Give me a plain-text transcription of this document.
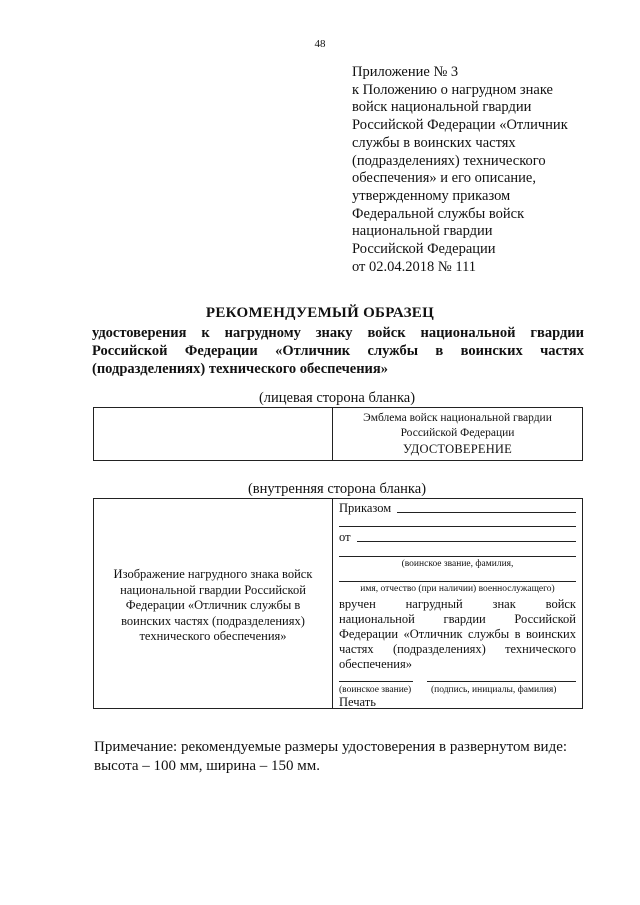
48
Приложение № 3
к Положению о нагрудном знаке
войск национальной гвардии
Российской Федерации «Отличник
службы в воинских частях
(подразделениях) технического
обеспечения» и его описание,
утвержденному приказом
Федеральной службы войск
национальной гвардии
Российской Федерации
от 02.04.2018 № 111
РЕКОМЕНДУЕМЫЙ ОБРАЗЕЦ
удостоверения к нагрудному знаку войск национальной гвардии
Российской Федерации «Отличник службы в воинских частях
(подразделениях) технического обеспечения»
(лицевая сторона бланка)
Эмблема войск национальной гвардии
Российской Федерации
УДОСТОВЕРЕНИЕ
(внутренняя сторона бланка)
Изображение нагрудного знака войск
национальной гвардии Российской
Федерации «Отличник службы в
воинских частях (подразделениях)
технического обеспечения»
Приказом
от
(воинское звание, фамилия,
имя, отчество (при наличии) военнослужащего)
вручен нагрудный знак войск
национальной гвардии Российской
Федерации «Отличник службы в воинских
частях (подразделениях) технического
обеспечения»
(воинское звание) (подпись, инициалы, фамилия)
Печать
Примечание: рекомендуемые размеры удостоверения в развернутом виде:
высота – 100 мм, ширина – 150 мм.
